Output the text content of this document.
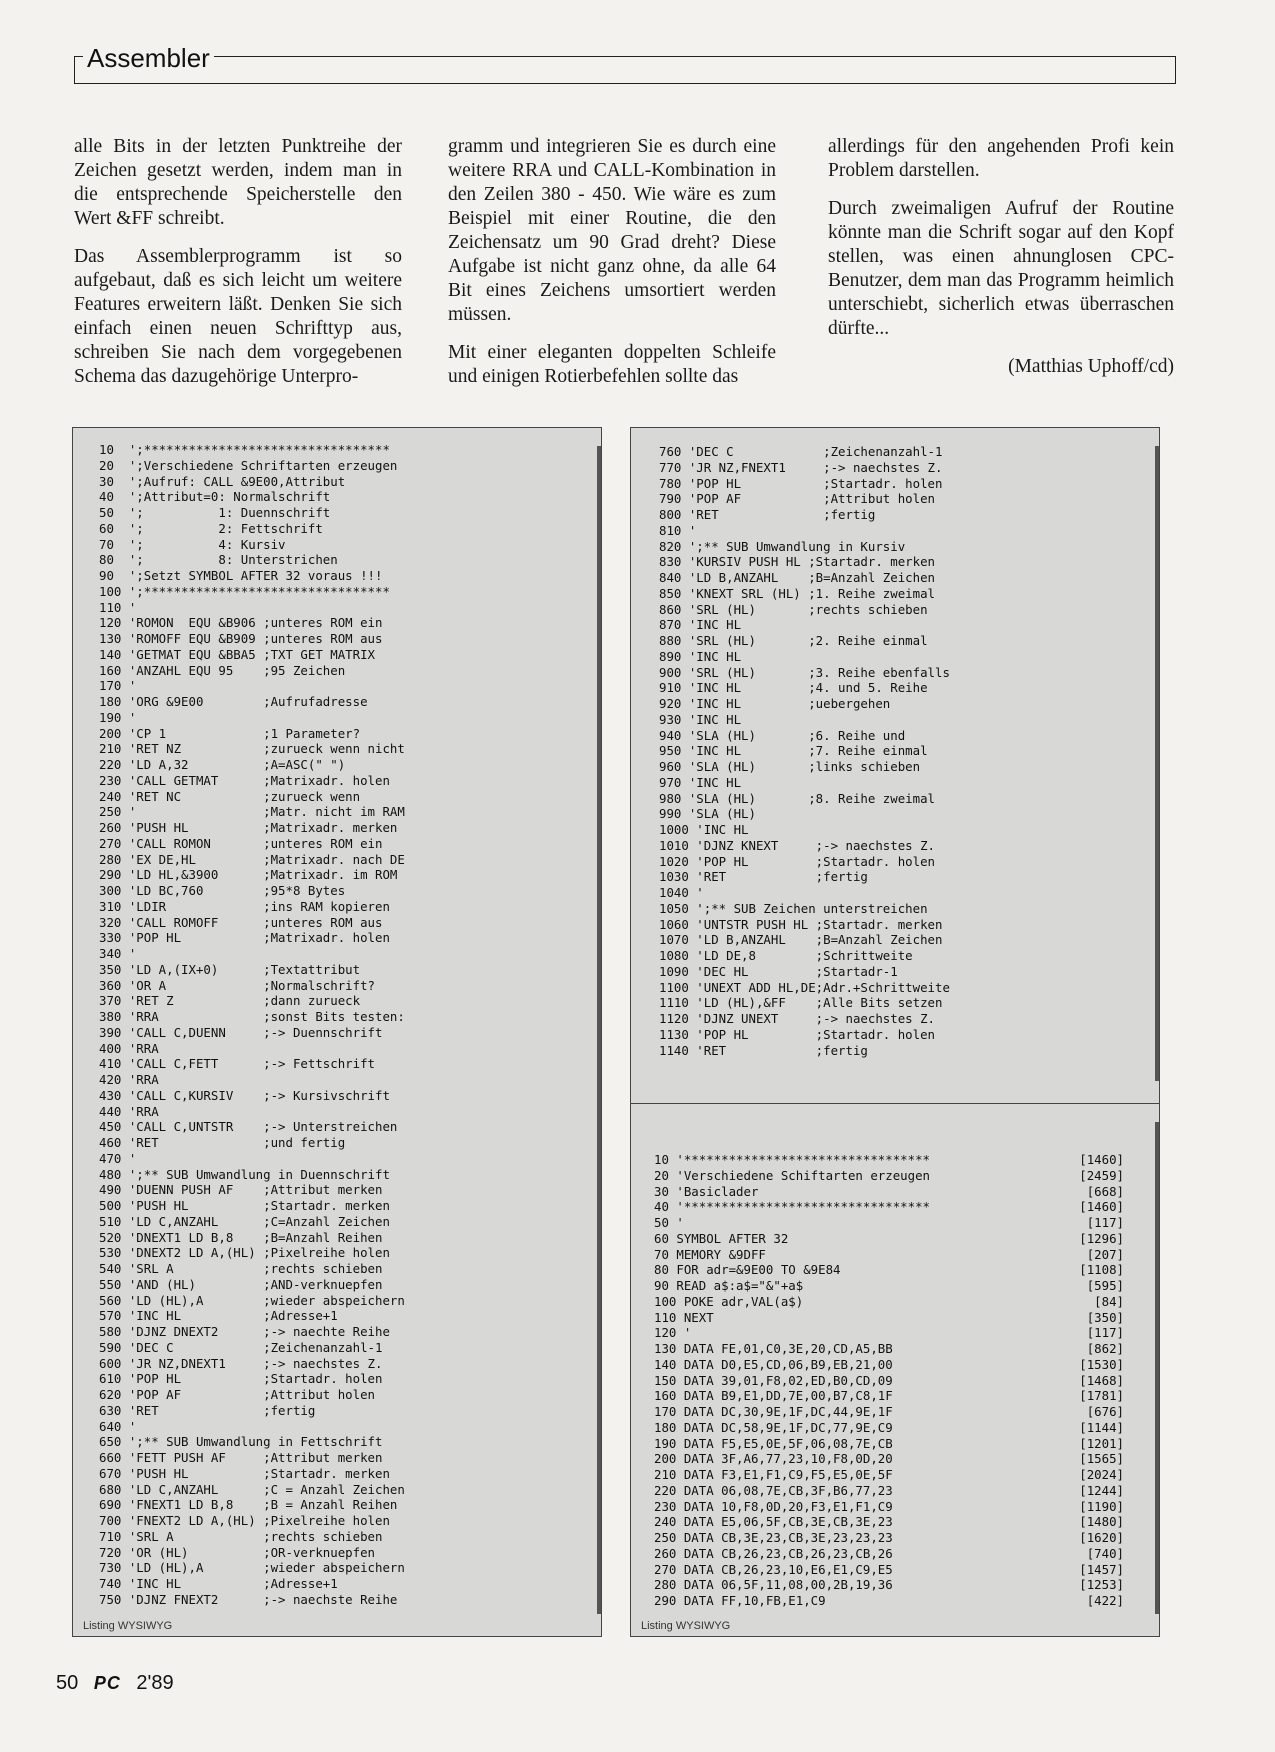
Assembler

alle Bits in der letzten Punktreihe der Zeichen gesetzt werden, indem man in die entsprechende Speicherstelle den Wert &FF schreibt.

Das Assemblerprogramm ist so aufgebaut, daß es sich leicht um weitere Features erweitern läßt. Denken Sie sich einfach einen neuen Schrifttyp aus, schreiben Sie nach dem vorgegebenen Schema das dazugehörige Unterpro-

gramm und integrieren Sie es durch eine weitere RRA und CALL-Kombination in den Zeilen 380 - 450. Wie wäre es zum Beispiel mit einer Routine, die den Zeichensatz um 90 Grad dreht? Diese Aufgabe ist nicht ganz ohne, da alle 64 Bit eines Zeichens umsortiert werden müssen.

Mit einer eleganten doppelten Schleife und einigen Rotierbefehlen sollte das

allerdings für den angehenden Profi kein Problem darstellen.

Durch zweimaligen Aufruf der Routine könnte man die Schrift sogar auf den Kopf stellen, was einen ahnunglosen CPC-Benutzer, dem man das Programm heimlich unterschiebt, sicherlich etwas überraschen dürfte...

(Matthias Uphoff/cd)
10  ';*********************************
20  ';Verschiedene Schriftarten erzeugen
30  ';Aufruf: CALL &9E00,Attribut
40  ';Attribut=0: Normalschrift
50  ';          1: Duennschrift
60  ';          2: Fettschrift
70  ';          4: Kursiv
80  ';          8: Unterstrichen
90  ';Setzt SYMBOL AFTER 32 voraus !!!
100 ';*********************************
110 '
120 'ROMON  EQU &B906 ;unteres ROM ein
130 'ROMOFF EQU &B909 ;unteres ROM aus
140 'GETMAT EQU &BBA5 ;TXT GET MATRIX
160 'ANZAHL EQU 95    ;95 Zeichen
170 '
180 'ORG &9E00        ;Aufrufadresse
190 '
200 'CP 1             ;1 Parameter?
210 'RET NZ           ;zurueck wenn nicht
220 'LD A,32          ;A=ASC(" ")
230 'CALL GETMAT      ;Matrixadr. holen
240 'RET NC           ;zurueck wenn
250 '                 ;Matr. nicht im RAM
260 'PUSH HL          ;Matrixadr. merken
270 'CALL ROMON       ;unteres ROM ein
280 'EX DE,HL         ;Matrixadr. nach DE
290 'LD HL,&3900      ;Matrixadr. im ROM
300 'LD BC,760        ;95*8 Bytes
310 'LDIR             ;ins RAM kopieren
320 'CALL ROMOFF      ;unteres ROM aus
330 'POP HL           ;Matrixadr. holen
340 '
350 'LD A,(IX+0)      ;Textattribut
360 'OR A             ;Normalschrift?
370 'RET Z            ;dann zurueck
380 'RRA              ;sonst Bits testen:
390 'CALL C,DUENN     ;-> Duennschrift
400 'RRA
410 'CALL C,FETT      ;-> Fettschrift
420 'RRA
430 'CALL C,KURSIV    ;-> Kursivschrift
440 'RRA
450 'CALL C,UNTSTR    ;-> Unterstreichen
460 'RET              ;und fertig
470 '
480 ';** SUB Umwandlung in Duennschrift
490 'DUENN PUSH AF    ;Attribut merken
500 'PUSH HL          ;Startadr. merken
510 'LD C,ANZAHL      ;C=Anzahl Zeichen
520 'DNEXT1 LD B,8    ;B=Anzahl Reihen
530 'DNEXT2 LD A,(HL) ;Pixelreihe holen
540 'SRL A            ;rechts schieben
550 'AND (HL)         ;AND-verknuepfen
560 'LD (HL),A        ;wieder abspeichern
570 'INC HL           ;Adresse+1
580 'DJNZ DNEXT2      ;-> naechte Reihe
590 'DEC C            ;Zeichenanzahl-1
600 'JR NZ,DNEXT1     ;-> naechstes Z.
610 'POP HL           ;Startadr. holen
620 'POP AF           ;Attribut holen
630 'RET              ;fertig
640 '
650 ';** SUB Umwandlung in Fettschrift
660 'FETT PUSH AF     ;Attribut merken
670 'PUSH HL          ;Startadr. merken
680 'LD C,ANZAHL      ;C = Anzahl Zeichen
690 'FNEXT1 LD B,8    ;B = Anzahl Reihen
700 'FNEXT2 LD A,(HL) ;Pixelreihe holen
710 'SRL A            ;rechts schieben
720 'OR (HL)          ;OR-verknuepfen
730 'LD (HL),A        ;wieder abspeichern
740 'INC HL           ;Adresse+1
750 'DJNZ FNEXT2      ;-> naechste Reihe
Listing WYSIWYG
760 'DEC C            ;Zeichenanzahl-1
770 'JR NZ,FNEXT1     ;-> naechstes Z.
780 'POP HL           ;Startadr. holen
790 'POP AF           ;Attribut holen
800 'RET              ;fertig
810 '
820 ';** SUB Umwandlung in Kursiv
830 'KURSIV PUSH HL ;Startadr. merken
840 'LD B,ANZAHL    ;B=Anzahl Zeichen
850 'KNEXT SRL (HL) ;1. Reihe zweimal
860 'SRL (HL)       ;rechts schieben
870 'INC HL
880 'SRL (HL)       ;2. Reihe einmal
890 'INC HL
900 'SRL (HL)       ;3. Reihe ebenfalls
910 'INC HL         ;4. und 5. Reihe
920 'INC HL         ;uebergehen
930 'INC HL
940 'SLA (HL)       ;6. Reihe und
950 'INC HL         ;7. Reihe einmal
960 'SLA (HL)       ;links schieben
970 'INC HL
980 'SLA (HL)       ;8. Reihe zweimal
990 'SLA (HL)
1000 'INC HL
1010 'DJNZ KNEXT     ;-> naechstes Z.
1020 'POP HL         ;Startadr. holen
1030 'RET            ;fertig
1040 '
1050 ';** SUB Zeichen unterstreichen
1060 'UNTSTR PUSH HL ;Startadr. merken
1070 'LD B,ANZAHL    ;B=Anzahl Zeichen
1080 'LD DE,8        ;Schrittweite
1090 'DEC HL         ;Startadr-1
1100 'UNEXT ADD HL,DE;Adr.+Schrittweite
1110 'LD (HL),&FF    ;Alle Bits setzen
1120 'DJNZ UNEXT     ;-> naechstes Z.
1130 'POP HL         ;Startadr. holen
1140 'RET            ;fertig
10 '*********************************	[1460]
20 'Verschiedene Schiftarten erzeugen	[2459]
30 'Basiclader	[668]
40 '*********************************	[1460]
50 '	[117]
60 SYMBOL AFTER 32	[1296]
70 MEMORY &9DFF	[207]
80 FOR adr=&9E00 TO &9E84	[1108]
90 READ a$:a$="&"+a$	[595]
100 POKE adr,VAL(a$)	[84]
110 NEXT	[350]
120 '	[117]
130 DATA FE,01,C0,3E,20,CD,A5,BB	[862]
140 DATA D0,E5,CD,06,B9,EB,21,00	[1530]
150 DATA 39,01,F8,02,ED,B0,CD,09	[1468]
160 DATA B9,E1,DD,7E,00,B7,C8,1F	[1781]
170 DATA DC,30,9E,1F,DC,44,9E,1F	[676]
180 DATA DC,58,9E,1F,DC,77,9E,C9	[1144]
190 DATA F5,E5,0E,5F,06,08,7E,CB	[1201]
200 DATA 3F,A6,77,23,10,F8,0D,20	[1565]
210 DATA F3,E1,F1,C9,F5,E5,0E,5F	[2024]
220 DATA 06,08,7E,CB,3F,B6,77,23	[1244]
230 DATA 10,F8,0D,20,F3,E1,F1,C9	[1190]
240 DATA E5,06,5F,CB,3E,CB,3E,23	[1480]
250 DATA CB,3E,23,CB,3E,23,23,23	[1620]
260 DATA CB,26,23,CB,26,23,CB,26	[740]
270 DATA CB,26,23,10,E6,E1,C9,E5	[1457]
280 DATA 06,5F,11,08,00,2B,19,36	[1253]
290 DATA FF,10,FB,E1,C9	[422]
Listing WYSIWYG
50 PC 2'89
